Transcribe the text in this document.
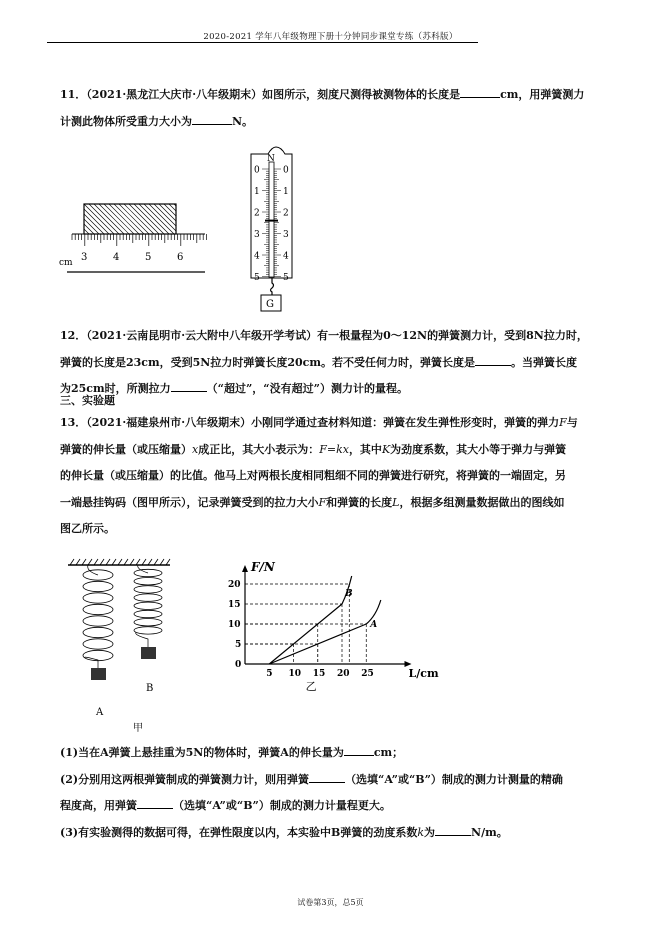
2020-2021 学年八年级物理下册十分钟同步课堂专练（苏科版）
11．（2021·黑龙江大庆市·八年级期末）如图所示，刻度尺测得被测物体的长度是	cm，用弹簧测力
计测此物体所受重力大小为	N。
cm 3	4	5	6
N
0	0
1	1
2	2
3	3
4	4
5	5
G
12．（2021·云南昆明市·云大附中八年级开学考试）有一根量程为0～12N的弹簧测力计，受到8N拉力时，
弹簧的长度是23cm，受到5N拉力时弹簧长度20cm。若不受任何力时，弹簧长度是	。当弹簧长度
为25cm时，所测拉力	（“超过”，“没有超过”）测力计的量程。
三、实验题
13．（2021·福建泉州市·八年级期末）小刚同学通过查材料知道：弹簧在发生弹性形变时，弹簧的弹力F与
弹簧的伸长量（或压缩量）x成正比，其大小表示为：F=kx，其中K为劲度系数，其大小等于弹力与弹簧
的伸长量（或压缩量）的比值。他马上对两根长度相同粗细不同的弹簧进行研究，将弹簧的一端固定，另
一端悬挂钩码（图甲所示），记录弹簧受到的拉力大小F和弹簧的长度L，根据多组测量数据做出的图线如
图乙所示。
B
A
甲
5 10 15 20 25
0
5
10
15
20
B
A
F/N
L/cm
乙
(1)当在A弹簧上悬挂重为5N的物体时，弹簧A的伸长量为	cm；
(2)分别用这两根弹簧制成的弹簧测力计，则用弹簧	（选填“A”或“B”）制成的测力计测量的精确
程度高，用弹簧	（选填“A”或“B”）制成的测力计量程更大。
(3)有实验测得的数据可得，在弹性限度以内，本实验中B弹簧的劲度系数k为	N/m。
试卷第3页，总5页
